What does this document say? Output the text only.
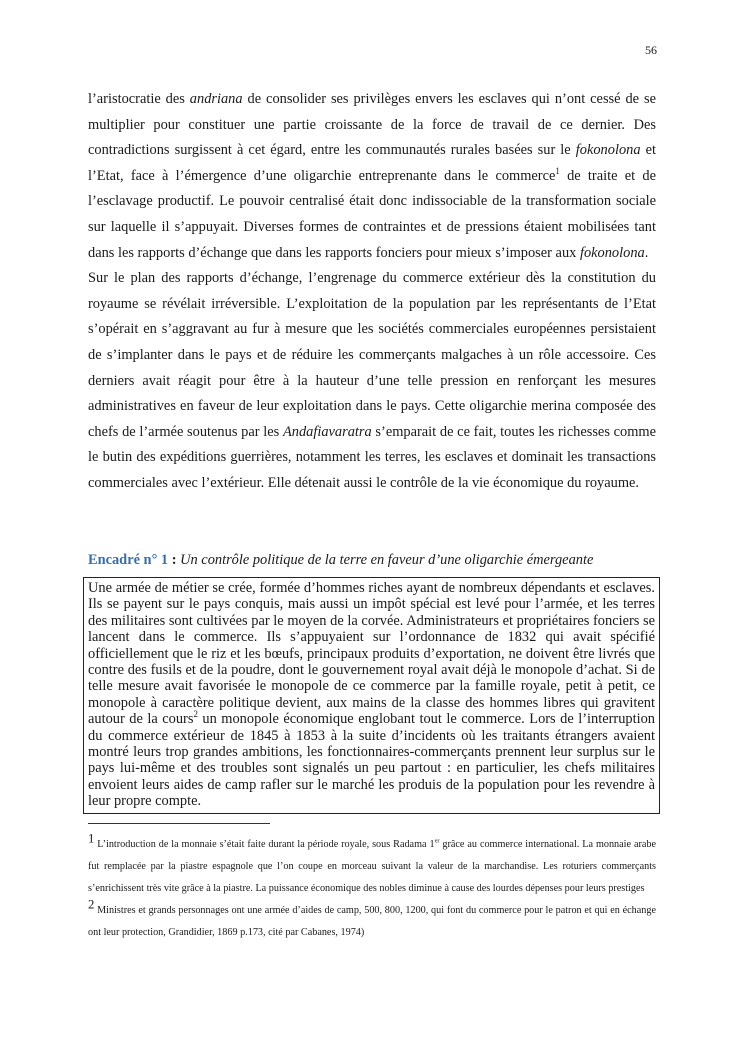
56

l’aristocratie des andriana de consolider ses privilèges envers les esclaves qui n’ont cessé de se multiplier pour constituer une partie croissante de la force de travail de ce dernier. Des contradictions surgissent à cet égard, entre les communautés rurales basées sur le fokonolona et l’Etat, face à l’émergence d’une oligarchie entreprenante dans le commerce$^1$ de traite et de l’esclavage productif. Le pouvoir centralisé était donc indissociable de la transformation sociale sur laquelle il s’appuyait. Diverses formes de contraintes et de pressions étaient mobilisées tant dans les rapports d’échange que dans les rapports fonciers pour mieux s’imposer aux fokonolona.

Sur le plan des rapports d’échange, l’engrenage du commerce extérieur dès la constitution du royaume se révélait irréversible. L’exploitation de la population par les représentants de l’Etat s’opérait en s’aggravant au fur à mesure que les sociétés commerciales européennes persistaient de s’implanter dans le pays et de réduire les commerçants malgaches à un rôle accessoire. Ces derniers avait réagit pour être à la hauteur d’une telle pression en renforçant les mesures administratives en faveur de leur exploitation dans le pays. Cette oligarchie merina composée des chefs de l’armée soutenus par les Andafiavaratra s’emparait de ce fait, toutes les richesses comme le butin des expéditions guerrières, notamment les terres, les esclaves et dominait les transactions commerciales avec l’extérieur. Elle détenait aussi le contrôle de la vie économique du royaume.

Encadré n° 1 : Un contrôle politique de la terre en faveur d’une oligarchie émergeante
Une armée de métier se crée, formée d’hommes riches ayant de nombreux dépendants et esclaves. Ils se payent sur le pays conquis, mais aussi un impôt spécial est levé pour l’armée, et les terres des militaires sont cultivées par le moyen de la corvée. Administrateurs et propriétaires fonciers se lancent dans le commerce. Ils s’appuyaient sur l’ordonnance de 1832 qui avait spécifié officiellement que le riz et les bœufs, principaux produits d’exportation, ne doivent être livrés que contre des fusils et de la poudre, dont le gouvernement royal avait déjà le monopole d’achat. Si de telle mesure avait favorisée le monopole de ce commerce par la famille royale, petit à petit, ce monopole à caractère politique devient, aux mains de la classe des hommes libres qui gravitent autour de la cours$^2$ un monopole économique englobant tout le commerce. Lors de l’interruption du commerce extérieur de 1845 à 1853 à la suite d’incidents où les traitants étrangers avaient montré leurs trop grandes ambitions, les fonctionnaires-commerçants prennent leur surplus sur le pays lui-même et des troubles sont signalés un peu partout : en particulier, les chefs militaires envoient leurs aides de camp rafler sur le marché les produis de la population pour les revendre à leur propre compte.

$^1$ L’introduction de la monnaie s’était faite durant la période royale, sous Radama 1er grâce au commerce international. La monnaie arabe fut remplacée par la piastre espagnole que l’on coupe en morceau suivant la valeur de la marchandise. Les roturiers commerçants s’enrichissent très vite grâce à la piastre. La puissance économique des nobles diminue à cause des lourdes dépenses pour leurs prestiges

$^2$ Ministres et grands personnages ont une armée d’aides de camp, 500, 800, 1200, qui font du commerce pour le patron et qui en échange ont leur protection, Grandidier, 1869 p.173, cité par Cabanes, 1974)
